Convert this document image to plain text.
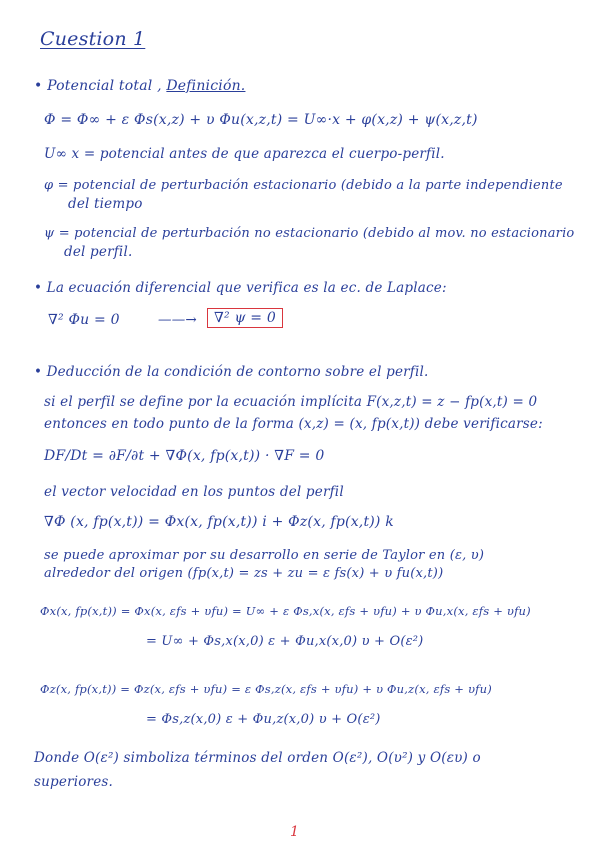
Cuestion 1
• Potencial total , Definición.
Φ = Φ∞ + ε Φs(x,z) + υ Φu(x,z,t) = U∞·x + φ(x,z) + ψ(x,z,t)
U∞ x = potencial antes de que aparezca el cuerpo-perfil.
φ = potencial de perturbación estacionario (debido a la parte independiente
del tiempo
ψ = potencial de perturbación no estacionario (debido al mov. no estacionario
del perfil.
• La ecuación diferencial que verifica es la ec. de Laplace:
∇² Φu = 0	——→	∇² ψ = 0
• Deducción de la condición de contorno sobre el perfil.
si el perfil se define por la ecuación implícita F(x,z,t) = z − fp(x,t) = 0
entonces en todo punto de la forma (x,z) = (x, fp(x,t)) debe verificarse:
DF/Dt = ∂F/∂t + ∇Φ(x, fp(x,t)) · ∇F = 0
el vector velocidad en los puntos del perfil
∇Φ (x, fp(x,t)) = Φx(x, fp(x,t)) i + Φz(x, fp(x,t)) k
se puede aproximar por su desarrollo en serie de Taylor en (ε, υ)
alrededor del origen (fp(x,t) = zs + zu = ε fs(x) + υ fu(x,t))
Φx(x, fp(x,t)) = Φx(x, εfs + υfu) = U∞ + ε Φs,x(x, εfs + υfu) + υ Φu,x(x, εfs + υfu)
= U∞ + Φs,x(x,0) ε + Φu,x(x,0) υ + O(ε²)
Φz(x, fp(x,t)) = Φz(x, εfs + υfu) = ε Φs,z(x, εfs + υfu) + υ Φu,z(x, εfs + υfu)
= Φs,z(x,0) ε + Φu,z(x,0) υ + O(ε²)
Donde O(ε²) simboliza términos del orden O(ε²), O(υ²) y O(ευ) o
superiores.
1
